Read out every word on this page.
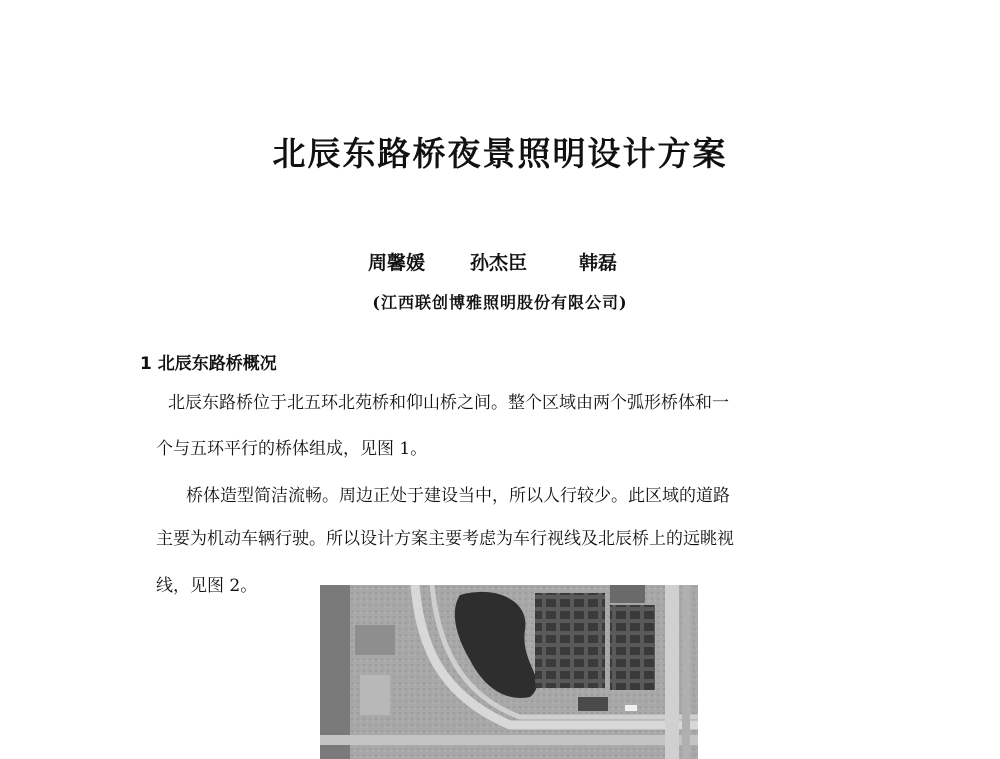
北辰东路桥夜景照明设计方案
周馨媛 孙杰臣	韩磊
(江西联创博雅照明股份有限公司)
1 北辰东路桥概况
北辰东路桥位于北五环北苑桥和仰山桥之间。整个区域由两个弧形桥体和一
个与五环平行的桥体组成，见图 1。
桥体造型简洁流畅。周边正处于建设当中，所以人行较少。此区域的道路
主要为机动车辆行驶。所以设计方案主要考虑为车行视线及北辰桥上的远眺视
线，见图 2。
